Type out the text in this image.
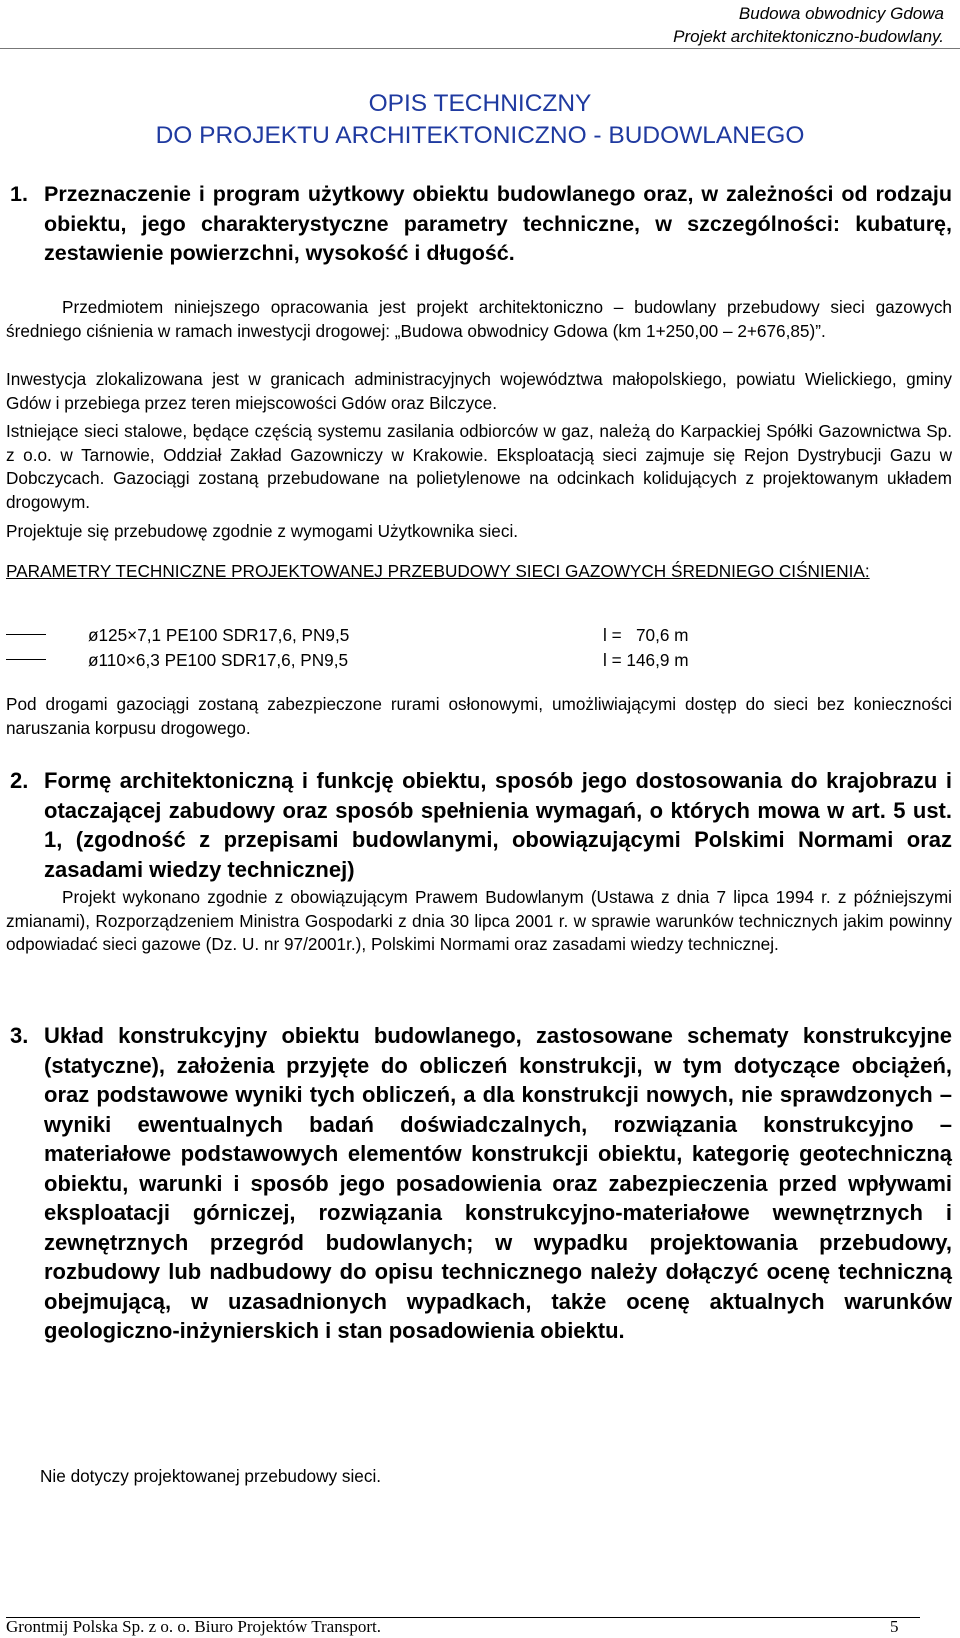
Budowa obwodnicy Gdowa
Projekt architektoniczno-budowlany.
OPIS TECHNICZNY
DO PROJEKTU ARCHITEKTONICZNO - BUDOWLANEGO
1. Przeznaczenie i program użytkowy obiektu budowlanego oraz, w zależności od rodzaju obiektu, jego charakterystyczne parametry techniczne, w szczególności: kubaturę, zestawienie powierzchni, wysokość i długość.
Przedmiotem niniejszego opracowania jest projekt architektoniczno – budowlany przebudowy sieci gazowych średniego ciśnienia w ramach inwestycji drogowej: „Budowa obwodnicy Gdowa (km 1+250,00 – 2+676,85)”.
Inwestycja zlokalizowana jest w granicach administracyjnych województwa małopolskiego, powiatu Wielickiego, gminy Gdów i przebiega przez teren miejscowości Gdów oraz Bilczyce.
Istniejące sieci stalowe, będące częścią systemu zasilania odbiorców w gaz, należą do Karpackiej Spółki Gazownictwa Sp. z o.o. w Tarnowie, Oddział Zakład Gazowniczy w Krakowie. Eksploatacją sieci zajmuje się Rejon Dystrybucji Gazu w Dobczycach. Gazociągi zostaną przebudowane na polietylenowe na odcinkach kolidujących z projektowanym układem drogowym.
Projektuje się przebudowę zgodnie z wymogami Użytkownika sieci.
PARAMETRY TECHNICZNE PROJEKTOWANEJ PRZEBUDOWY SIECI GAZOWYCH ŚREDNIEGO CIŚNIENIA:
ø125×7,1 PE100 SDR17,6, PN9,5	l =   70,6 m
ø110×6,3 PE100 SDR17,6, PN9,5	l = 146,9 m
Pod drogami gazociągi zostaną zabezpieczone rurami osłonowymi, umożliwiającymi dostęp do sieci bez konieczności naruszania korpusu drogowego.
2. Formę architektoniczną i funkcję obiektu, sposób jego dostosowania do krajobrazu i otaczającej zabudowy oraz sposób spełnienia wymagań, o których mowa w art. 5 ust. 1, (zgodność z przepisami budowlanymi, obowiązującymi Polskimi Normami oraz zasadami wiedzy technicznej)
Projekt wykonano zgodnie z obowiązującym Prawem Budowlanym (Ustawa z dnia 7 lipca 1994 r. z późniejszymi zmianami), Rozporządzeniem Ministra Gospodarki z dnia 30 lipca 2001 r. w sprawie warunków technicznych jakim powinny odpowiadać sieci gazowe (Dz. U. nr 97/2001r.), Polskimi Normami oraz zasadami wiedzy technicznej.
3. Układ konstrukcyjny obiektu budowlanego, zastosowane schematy konstrukcyjne (statyczne), założenia przyjęte do obliczeń konstrukcji, w tym dotyczące obciążeń, oraz podstawowe wyniki tych obliczeń, a dla konstrukcji nowych, nie sprawdzonych – wyniki ewentualnych badań doświadczalnych, rozwiązania konstrukcyjno – materiałowe podstawowych elementów konstrukcji obiektu, kategorię geotechniczną obiektu, warunki i sposób jego posadowienia oraz zabezpieczenia przed wpływami eksploatacji górniczej, rozwiązania konstrukcyjno-materiałowe wewnętrznych i zewnętrznych przegród budowlanych; w wypadku projektowania przebudowy, rozbudowy lub nadbudowy do opisu technicznego należy dołączyć ocenę techniczną obejmującą, w uzasadnionych wypadkach, także ocenę aktualnych warunków geologiczno-inżynierskich i stan posadowienia obiektu.
Nie dotyczy projektowanej przebudowy sieci.
Grontmij Polska Sp. z o. o. Biuro Projektów Transport.	5
